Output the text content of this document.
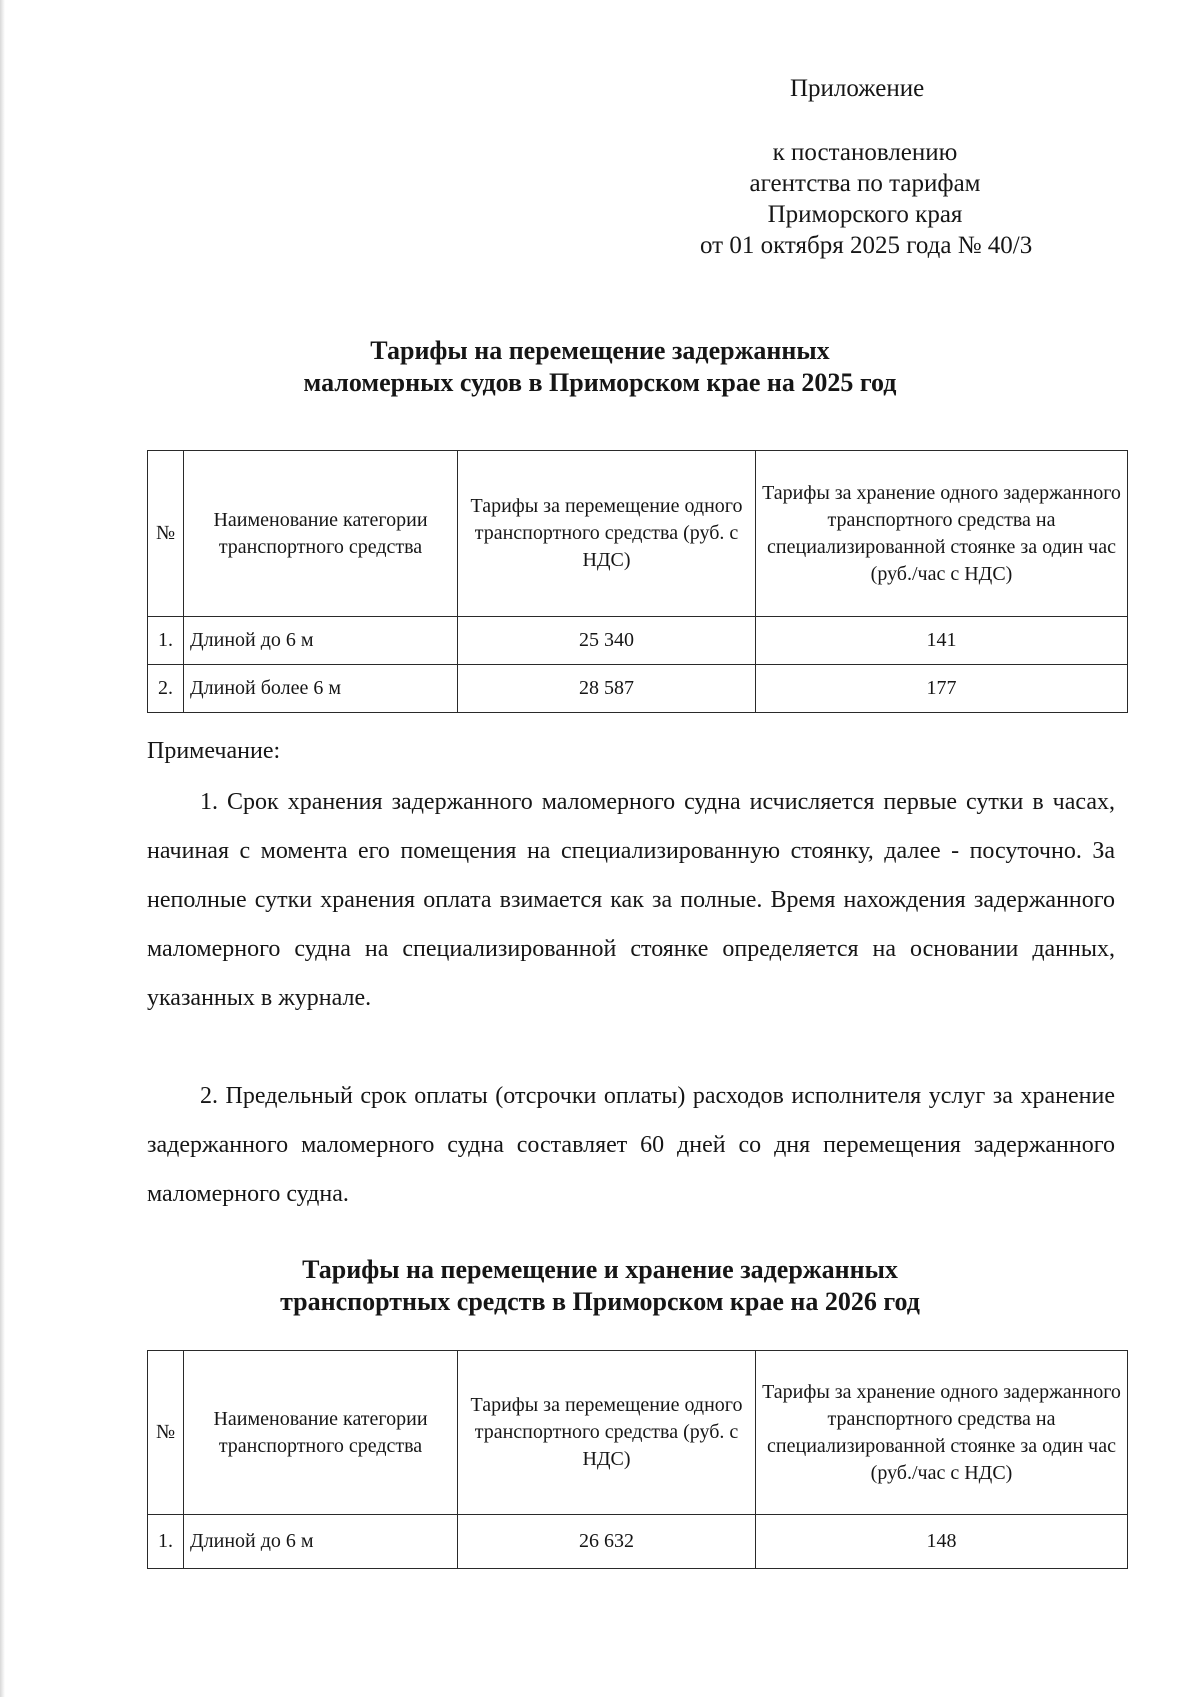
Приложение
к постановлению
агентства по тарифам
Приморского края
от 01 октября 2025 года № 40/3
Тарифы на перемещение задержанных
маломерных судов в Приморском крае на 2025 год
№	Наименование категории транспортного средства	Тарифы за перемещение одного транспортного средства (руб. с НДС)	Тарифы за хранение одного задержанного транспортного средства на специализированной стоянке за один час (руб./час с НДС)
1.	Длиной до 6 м	25 340	141
2.	Длиной более 6 м	28 587	177
Примечание:

1. Срок хранения задержанного маломерного судна исчисляется первые сутки в часах, начиная с момента его помещения на специализированную стоянку, далее - посуточно. За неполные сутки хранения оплата взимается как за полные. Время нахождения задержанного маломерного судна на специализированной стоянке определяется на основании данных, указанных в журнале.

2. Предельный срок оплаты (отсрочки оплаты) расходов исполнителя услуг за хранение задержанного маломерного судна составляет 60 дней со дня перемещения задержанного маломерного судна.

Тарифы на перемещение и хранение задержанных
транспортных средств в Приморском крае на 2026 год
№	Наименование категории транспортного средства	Тарифы за перемещение одного транспортного средства (руб. с НДС)	Тарифы за хранение одного задержанного транспортного средства на специализированной стоянке за один час (руб./час с НДС)
1.	Длиной до 6 м	26 632	148
